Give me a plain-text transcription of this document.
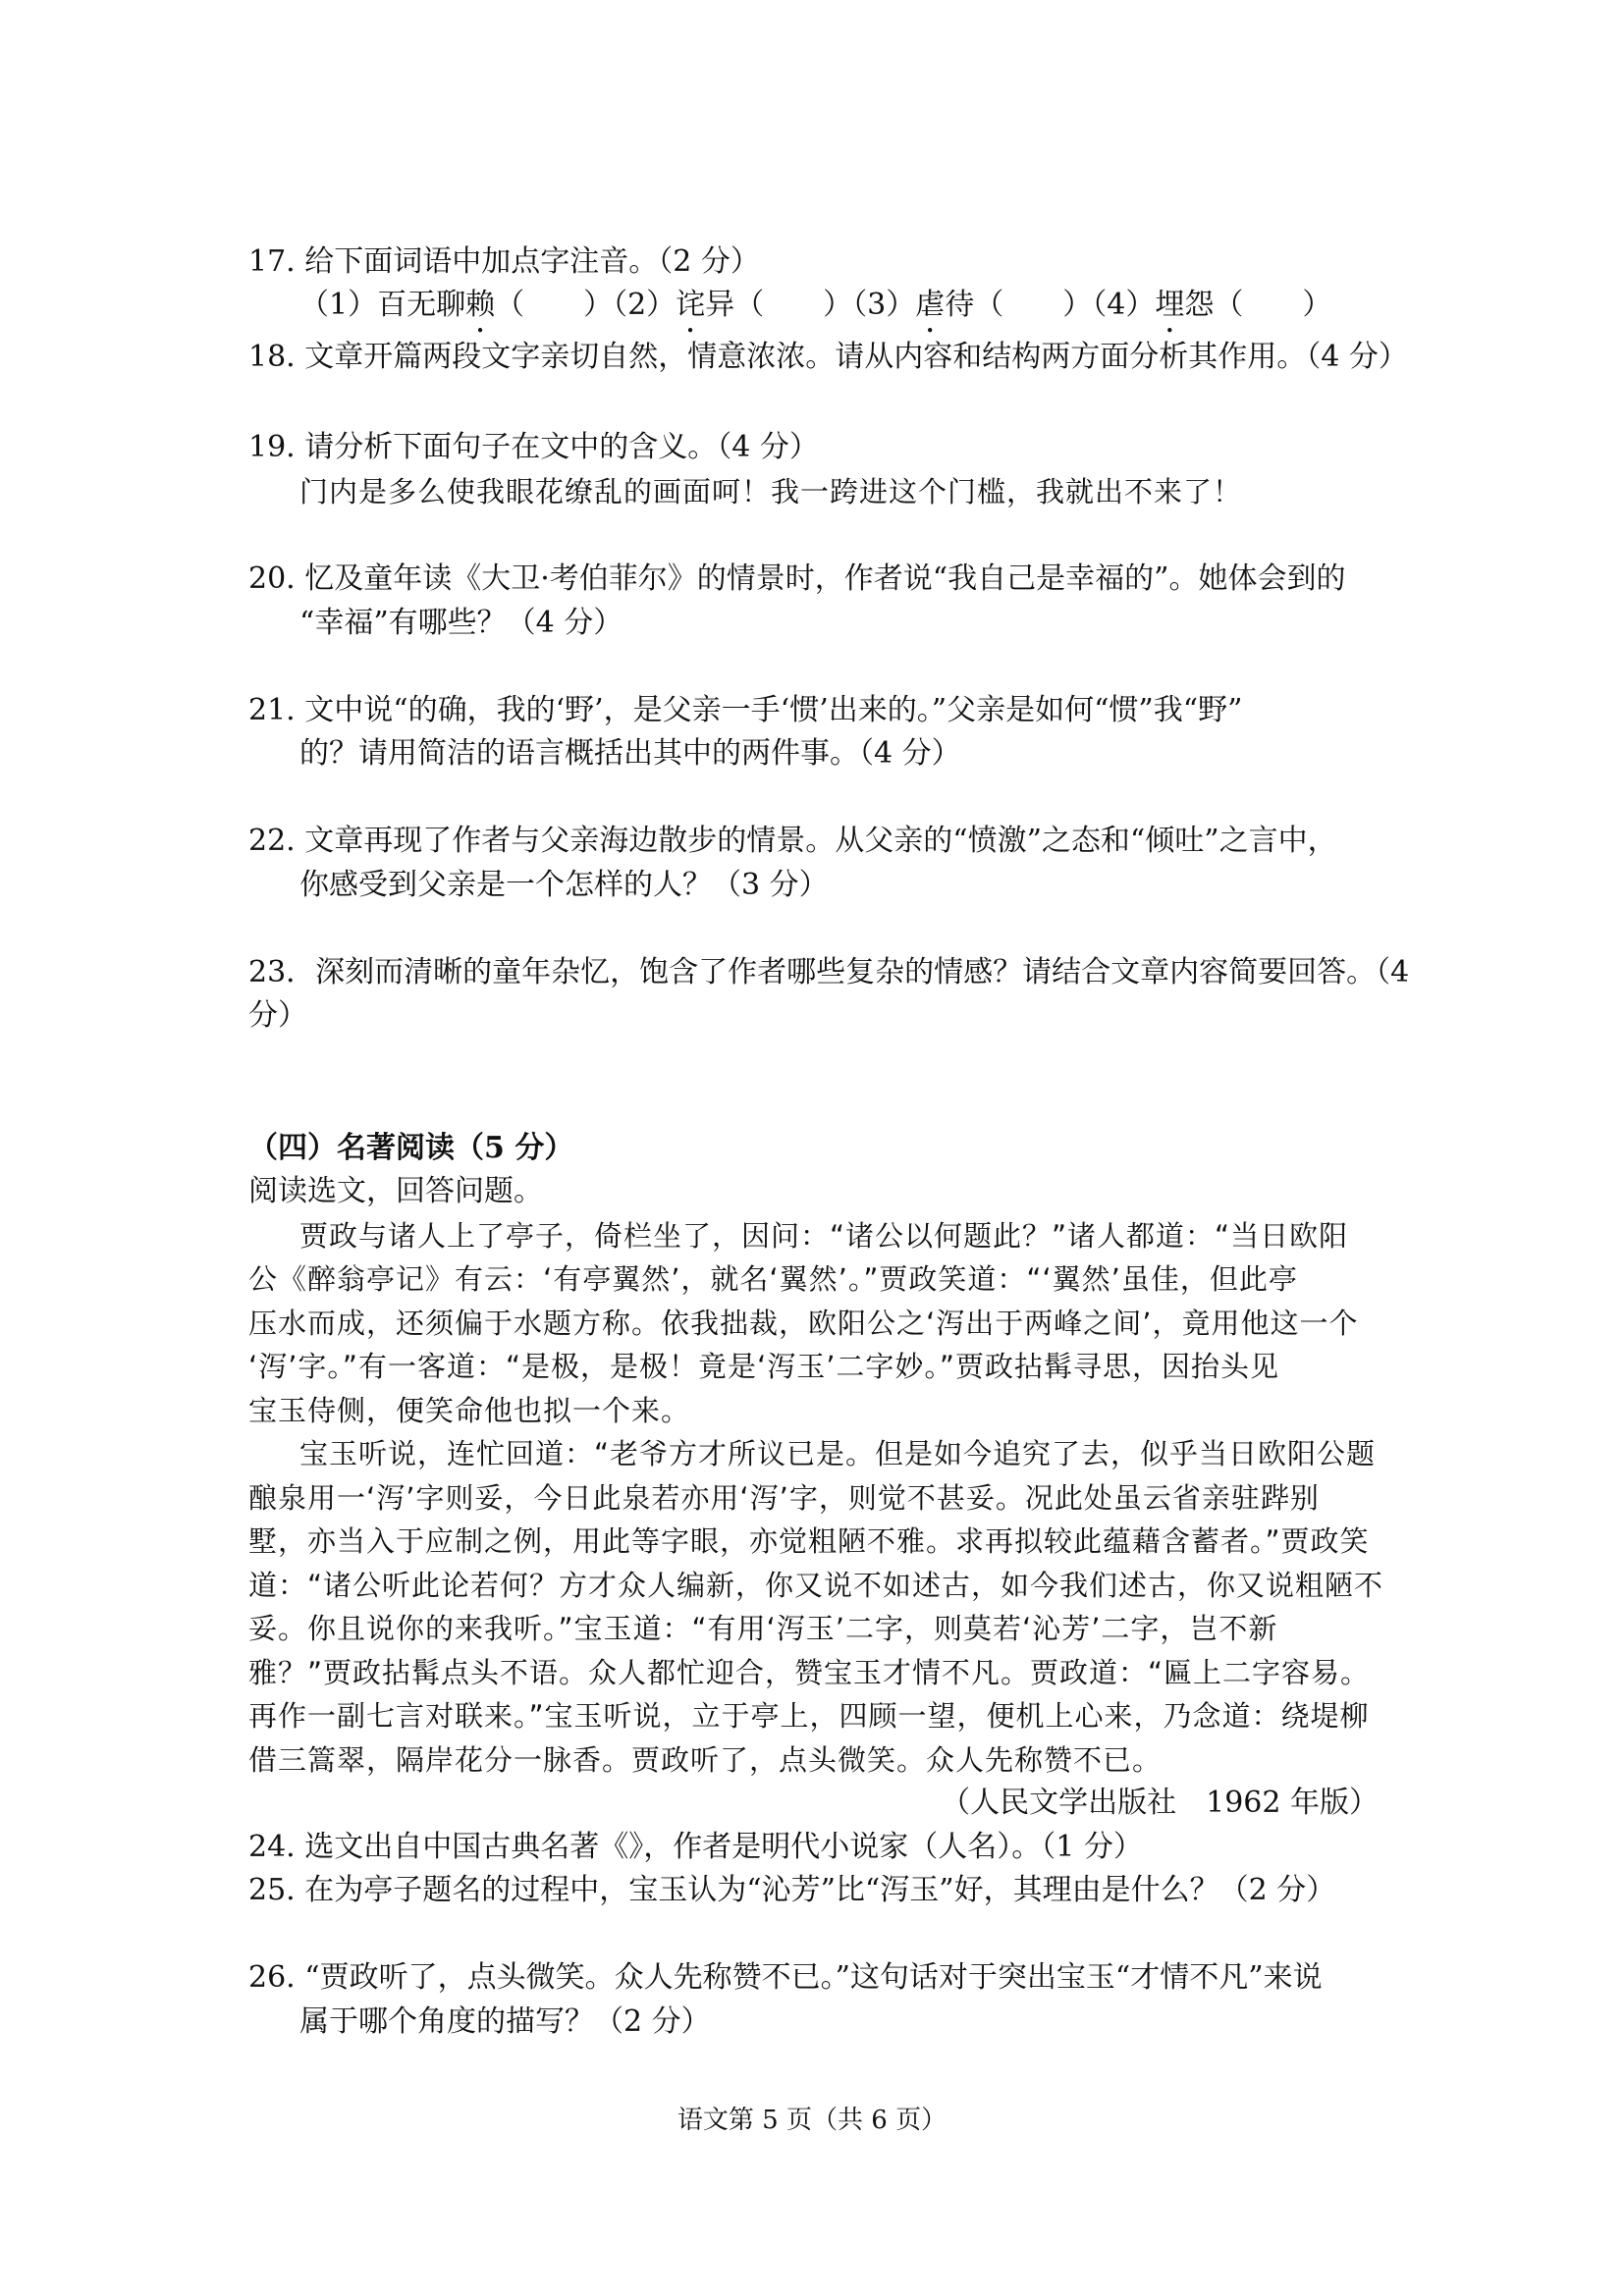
17. 给下面词语中加点字注音。（2 分）
（1）百无聊赖（　　）（2）诧异（　　）（3）虐待（　　）（4）埋怨（　　）
18. 文章开篇两段文字亲切自然，情意浓浓。请从内容和结构两方面分析其作用。（4 分）
19. 请分析下面句子在文中的含义。（4 分）
门内是多么使我眼花缭乱的画面呵！我一跨进这个门槛，我就出不来了！
20. 忆及童年读《大卫·考伯菲尔》的情景时，作者说“我自己是幸福的”。她体会到的
“幸福”有哪些？（4 分）
21. 文中说“的确，我的‘野’，是父亲一手‘惯’出来的。”父亲是如何“惯”我“野”
的？请用简洁的语言概括出其中的两件事。（4 分）
22. 文章再现了作者与父亲海边散步的情景。从父亲的“愤激”之态和“倾吐”之言中，
你感受到父亲是一个怎样的人？（3 分）
23．深刻而清晰的童年杂忆，饱含了作者哪些复杂的情感？请结合文章内容简要回答。（4
分）
（四）名著阅读（5 分）
阅读选文，回答问题。
贾政与诸人上了亭子，倚栏坐了，因问：“诸公以何题此？”诸人都道：“当日欧阳
公《醉翁亭记》有云：‘有亭翼然’，就名‘翼然’。”贾政笑道：“‘翼然’虽佳，但此亭
压水而成，还须偏于水题方称。依我拙裁，欧阳公之‘泻出于两峰之间’，竟用他这一个
‘泻’字。”有一客道：“是极，是极！竟是‘泻玉’二字妙。”贾政拈髯寻思，因抬头见
宝玉侍侧，便笑命他也拟一个来。
宝玉听说，连忙回道：“老爷方才所议已是。但是如今追究了去，似乎当日欧阳公题
酿泉用一‘泻’字则妥，今日此泉若亦用‘泻’字，则觉不甚妥。况此处虽云省亲驻跸别
墅，亦当入于应制之例，用此等字眼，亦觉粗陋不雅。求再拟较此蕴藉含蓄者。”贾政笑
道：“诸公听此论若何？方才众人编新，你又说不如述古，如今我们述古，你又说粗陋不
妥。你且说你的来我听。”宝玉道：“有用‘泻玉’二字，则莫若‘沁芳’二字，岂不新
雅？”贾政拈髯点头不语。众人都忙迎合，赞宝玉才情不凡。贾政道：“匾上二字容易。
再作一副七言对联来。”宝玉听说，立于亭上，四顾一望，便机上心来，乃念道：绕堤柳
借三篙翠，隔岸花分一脉香。贾政听了，点头微笑。众人先称赞不已。
（人民文学出版社　1962 年版）
24. 选文出自中国古典名著《》，作者是明代小说家（人名）。（1 分）
25. 在为亭子题名的过程中，宝玉认为“沁芳”比“泻玉”好，其理由是什么？（2 分）
26. “贾政听了，点头微笑。众人先称赞不已。”这句话对于突出宝玉“才情不凡”来说
属于哪个角度的描写？（2 分）
语文第 5 页（共 6 页）
